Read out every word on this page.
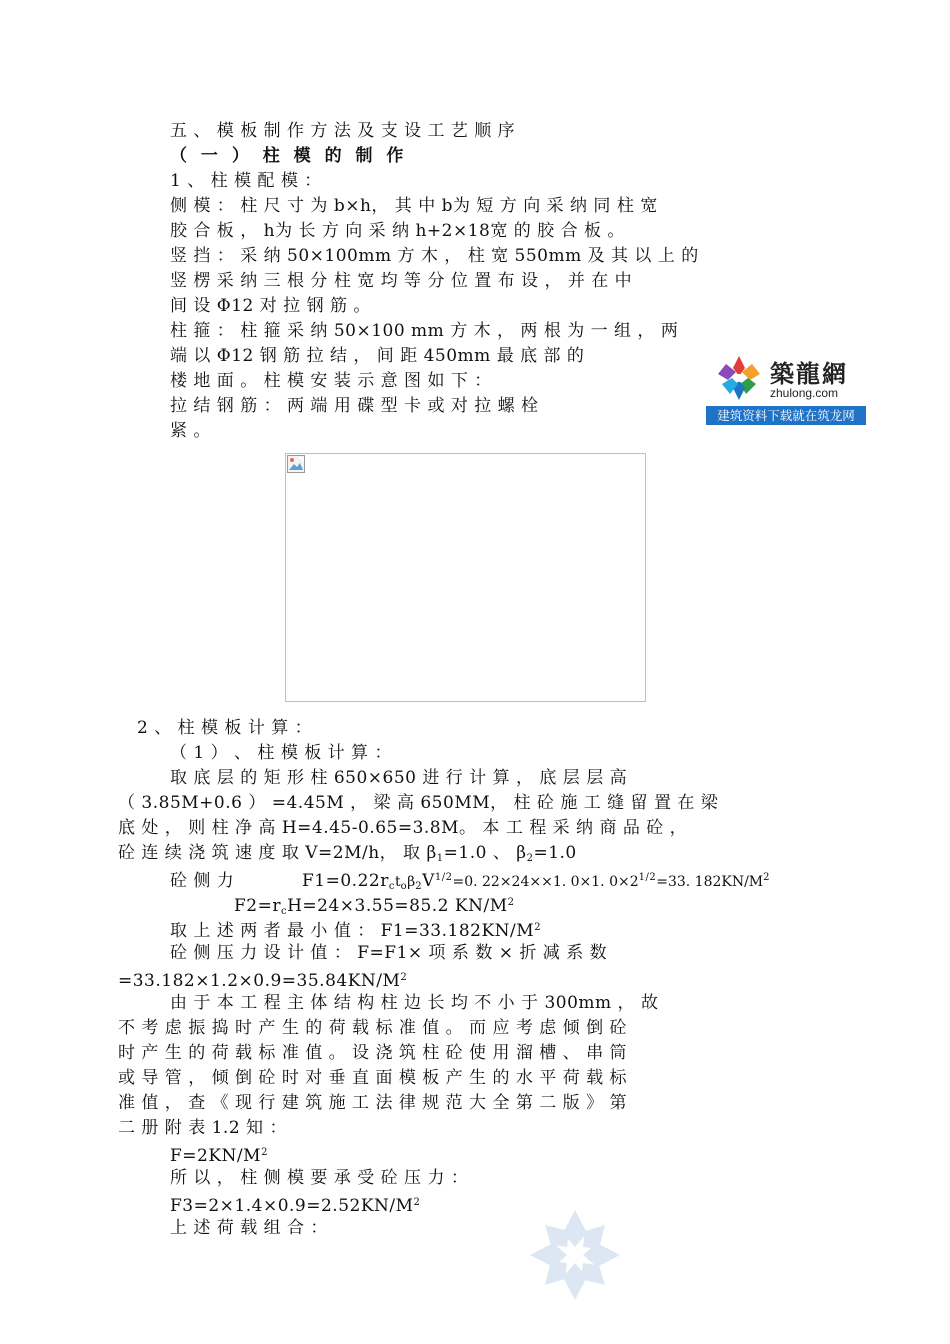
五 、 模 板 制 作 方 法 及 支 设 工 艺 顺 序
（ 一 ） 柱 模 的 制 作
1 、 柱 模 配 模 ：
侧 模 ： 柱 尺 寸 为 b×h， 其 中 b为 短 方 向 采 纳 同 柱 宽
胶 合 板 ， h为 长 方 向 采 纳 h+2×18宽 的 胶 合 板 。
竖 挡 ： 采 纳 50×100mm 方 木 ， 柱 宽 550mm 及 其 以 上 的
竖 楞 采 纳 三 根 分 柱 宽 均 等 分 位 置 布 设 ， 并 在 中
间 设 Φ12 对 拉 钢 筋 。
柱 箍 ： 柱 箍 采 纳 50×100 mm 方 木 ， 两 根 为 一 组 ， 两
端 以 Φ12 钢 筋 拉 结 ， 间 距 450mm 最 底 部 的
楼 地 面 。 柱 模 安 装 示 意 图 如 下 ：
拉 结 钢 筋 ： 两 端 用 碟 型 卡 或 对 拉 螺 栓
紧 。
築龍網
zhulong.com
建筑资料下载就在筑龙网
2 、 柱 模 板 计 算 ：
（ 1 ） 、 柱 模 板 计 算 ：
取 底 层 的 矩 形 柱 650×650 进 行 计 算 ， 底 层 层 高
（ 3.85M+0.6 ） =4.45M ， 梁 高 650MM， 柱 砼 施 工 缝 留 置 在 梁
底 处 ， 则 柱 净 高 H=4.45-0.65=3.8M。 本 工 程 采 纳 商 品 砼 ，
砼 连 续 浇 筑 速 度 取 V=2M/h， 取 $\beta_1=1.0$ 、 $\beta_2=1.0$
砼 侧 力	$F1=0.22r_ct_o\beta_2V^{1/2}=0$. 22×24××1. 0×1. $0\times 2^{1/2}=33$. $182KN/M^2$
$F2=r_cH=24\times 3.55=85.2$ $KN/M^2$
取 上 述 两 者 最 小 值 ： $F1=33.182KN/M^2$
砼 侧 压 力 设 计 值 ： F=F1× 项 系 数 × 折 减 系 数
$=33.182\times 1.2\times 0.9=35.84KN/M^2$
由 于 本 工 程 主 体 结 构 柱 边 长 均 不 小 于 300mm ， 故
不 考 虑 振 捣 时 产 生 的 荷 载 标 准 值 。 而 应 考 虑 倾 倒 砼
时 产 生 的 荷 载 标 准 值 。 设 浇 筑 柱 砼 使 用 溜 槽 、 串 筒
或 导 管 ， 倾 倒 砼 时 对 垂 直 面 模 板 产 生 的 水 平 荷 载 标
准 值 ， 查 《 现 行 建 筑 施 工 法 律 规 范 大 全 第 二 版 》 第
二 册 附 表 1.2 知 ：
$F=2KN/M^2$
所 以 ， 柱 侧 模 要 承 受 砼 压 力 ：
$F3=2\times 1.4\times 0.9=2.52KN/M^2$
上 述 荷 载 组 合 ：
